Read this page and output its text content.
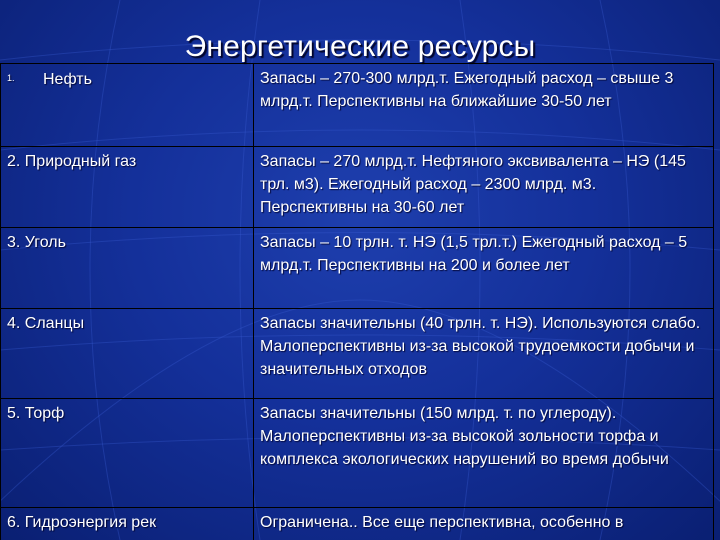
Энергетические ресурсы
1. Нефть	Запасы – 270-300 млрд.т. Ежегодный расход – свыше 3 млрд.т. Перспективны на ближайшие 30-50 лет
2. Природный газ	Запасы – 270 млрд.т. Нефтяного эксвивалента – НЭ (145 трл. м3). Ежегодный расход – 2300 млрд. м3. Перспективны на 30-60 лет
3. Уголь	Запасы – 10 трлн. т. НЭ (1,5 трл.т.) Ежегодный расход – 5 млрд.т. Перспективны на 200 и более лет
4. Сланцы	Запасы значительны (40 трлн. т. НЭ). Используются слабо. Малоперспективны из-за высокой трудоемкости добычи и значительных отходов
5. Торф	Запасы значительны (150 млрд. т. по углероду). Малоперспективны из-за высокой зольности торфа и комплекса экологических нарушений во время добычи
6. Гидроэнергия рек	Ограничена.. Все еще перспективна, особенно в
